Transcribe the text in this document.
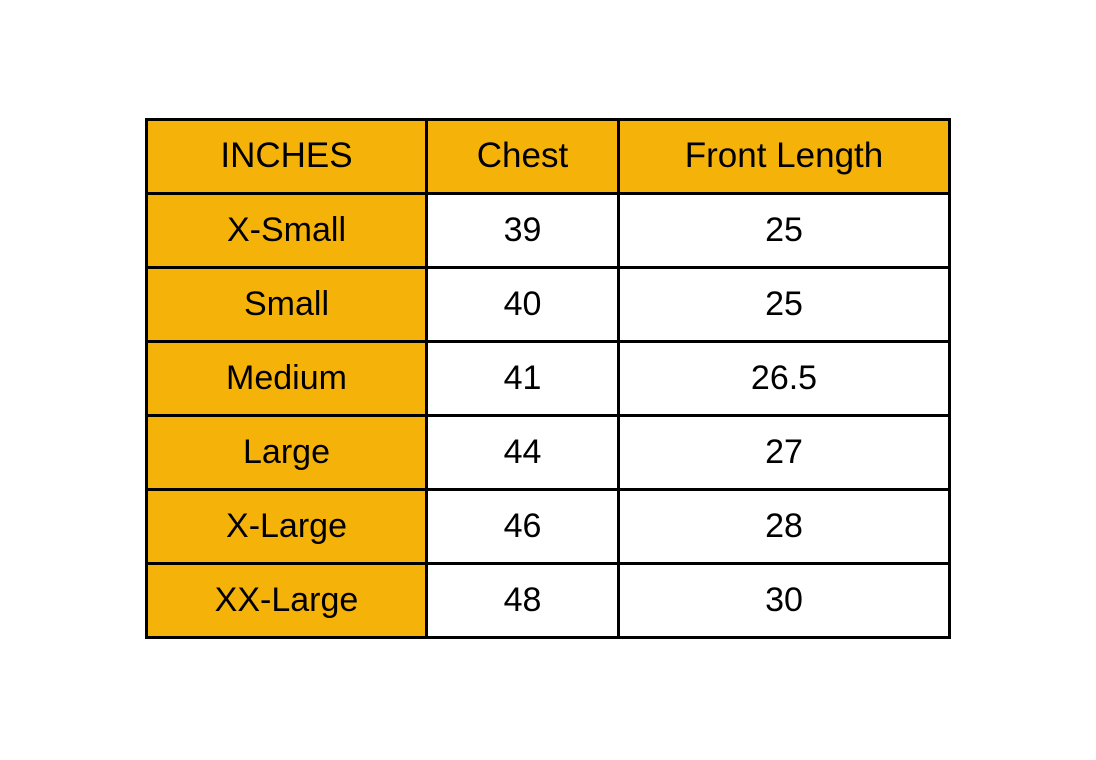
INCHES	Chest	Front Length
X-Small	39	25
Small	40	25
Medium	41	26.5
Large	44	27
X-Large	46	28
XX-Large	48	30
